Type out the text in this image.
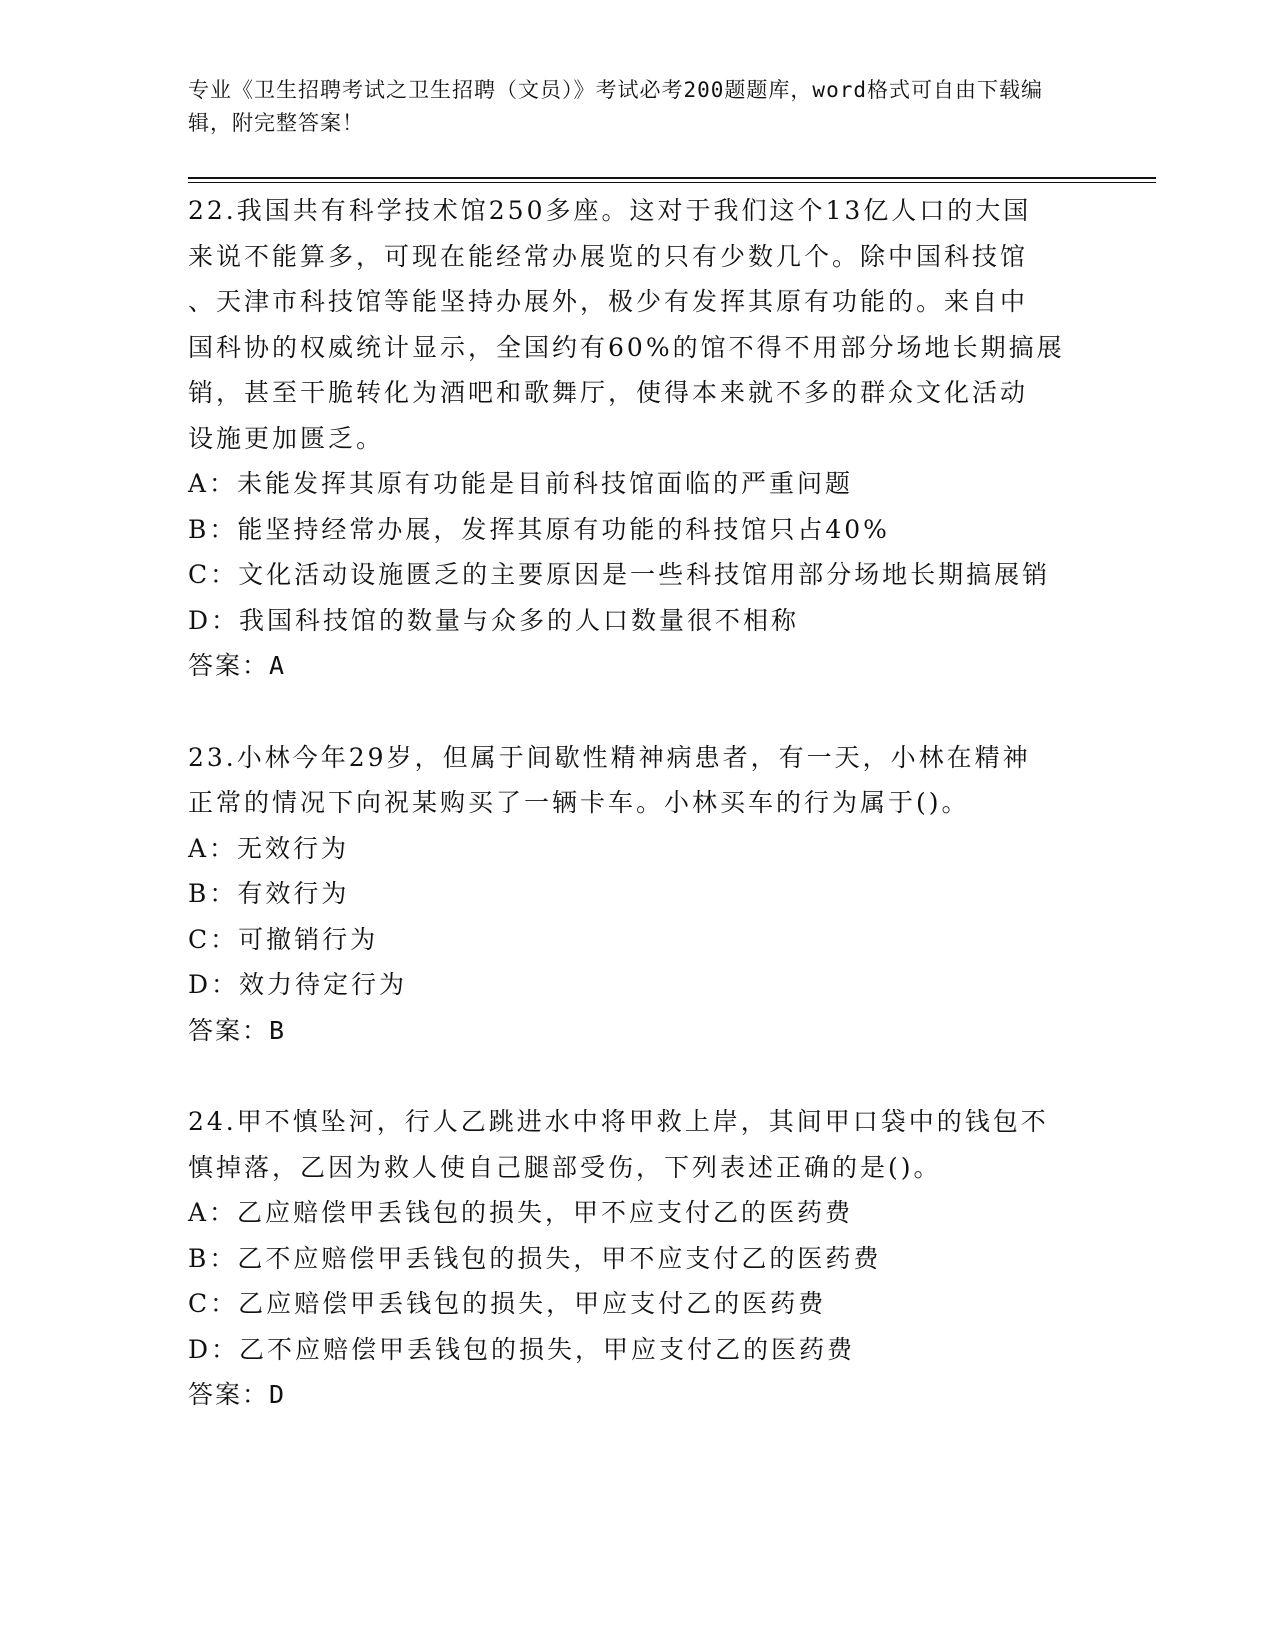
专业《卫生招聘考试之卫生招聘（文员）》考试必考200题题库，word格式可自由下载编辑，附完整答案！
22.我国共有科学技术馆250多座。这对于我们这个13亿人口的大国
来说不能算多，可现在能经常办展览的只有少数几个。除中国科技馆
、天津市科技馆等能坚持办展外，极少有发挥其原有功能的。来自中
国科协的权威统计显示，全国约有60%的馆不得不用部分场地长期搞展
销，甚至干脆转化为酒吧和歌舞厅，使得本来就不多的群众文化活动
设施更加匮乏。
A：未能发挥其原有功能是目前科技馆面临的严重问题
B：能坚持经常办展，发挥其原有功能的科技馆只占40%
C：文化活动设施匮乏的主要原因是一些科技馆用部分场地长期搞展销
D：我国科技馆的数量与众多的人口数量很不相称
答案：A
23.小林今年29岁，但属于间歇性精神病患者，有一天，小林在精神
正常的情况下向祝某购买了一辆卡车。小林买车的行为属于()。
A：无效行为
B：有效行为
C：可撤销行为
D：效力待定行为
答案：B
24.甲不慎坠河，行人乙跳进水中将甲救上岸，其间甲口袋中的钱包不
慎掉落，乙因为救人使自己腿部受伤，下列表述正确的是()。
A：乙应赔偿甲丢钱包的损失，甲不应支付乙的医药费
B：乙不应赔偿甲丢钱包的损失，甲不应支付乙的医药费
C：乙应赔偿甲丢钱包的损失，甲应支付乙的医药费
D：乙不应赔偿甲丢钱包的损失，甲应支付乙的医药费
答案：D
